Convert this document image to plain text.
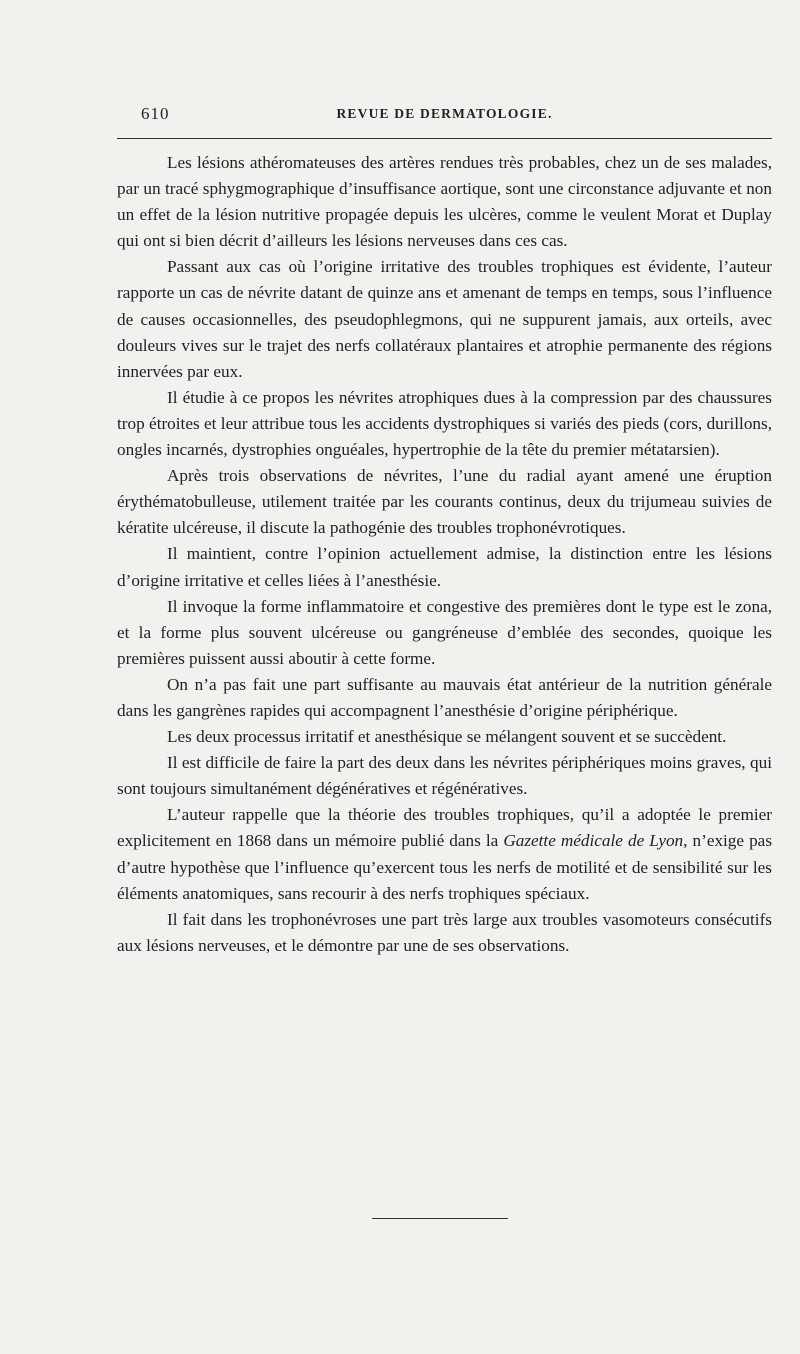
610	REVUE DE DERMATOLOGIE.

Les lésions athéromateuses des artères rendues très probables, chez un de ses malades, par un tracé sphygmographique d’insuffisance aortique, sont une circonstance adjuvante et non un effet de la lésion nutritive propagée depuis les ulcères, comme le veulent Morat et Duplay qui ont si bien décrit d’ailleurs les lésions nerveuses dans ces cas.

Passant aux cas où l’origine irritative des troubles trophiques est évidente, l’auteur rapporte un cas de névrite datant de quinze ans et amenant de temps en temps, sous l’influence de causes occasionnelles, des pseudophlegmons, qui ne suppurent jamais, aux orteils, avec douleurs vives sur le trajet des nerfs collatéraux plantaires et atrophie permanente des régions innervées par eux.

Il étudie à ce propos les névrites atrophiques dues à la compression par des chaussures trop étroites et leur attribue tous les accidents dystrophiques si variés des pieds (cors, durillons, ongles incarnés, dystrophies onguéales, hypertrophie de la tête du premier métatarsien).

Après trois observations de névrites, l’une du radial ayant amené une éruption érythématobulleuse, utilement traitée par les courants continus, deux du trijumeau suivies de kératite ulcéreuse, il discute la pathogénie des troubles trophonévrotiques.

Il maintient, contre l’opinion actuellement admise, la distinction entre les lésions d’origine irritative et celles liées à l’anesthésie.

Il invoque la forme inflammatoire et congestive des premières dont le type est le zona, et la forme plus souvent ulcéreuse ou gangréneuse d’emblée des secondes, quoique les premières puissent aussi aboutir à cette forme.

On n’a pas fait une part suffisante au mauvais état antérieur de la nutrition générale dans les gangrènes rapides qui accompagnent l’anesthésie d’origine périphérique.

Les deux processus irritatif et anesthésique se mélangent souvent et se succèdent.

Il est difficile de faire la part des deux dans les névrites périphériques moins graves, qui sont toujours simultanément dégénératives et régénératives.

L’auteur rappelle que la théorie des troubles trophiques, qu’il a adoptée le premier explicitement en 1868 dans un mémoire publié dans la Gazette médicale de Lyon, n’exige pas d’autre hypothèse que l’influence qu’exercent tous les nerfs de motilité et de sensibilité sur les éléments anatomiques, sans recourir à des nerfs trophiques spéciaux.

Il fait dans les trophonévroses une part très large aux troubles vasomoteurs consécutifs aux lésions nerveuses, et le démontre par une de ses observations.
